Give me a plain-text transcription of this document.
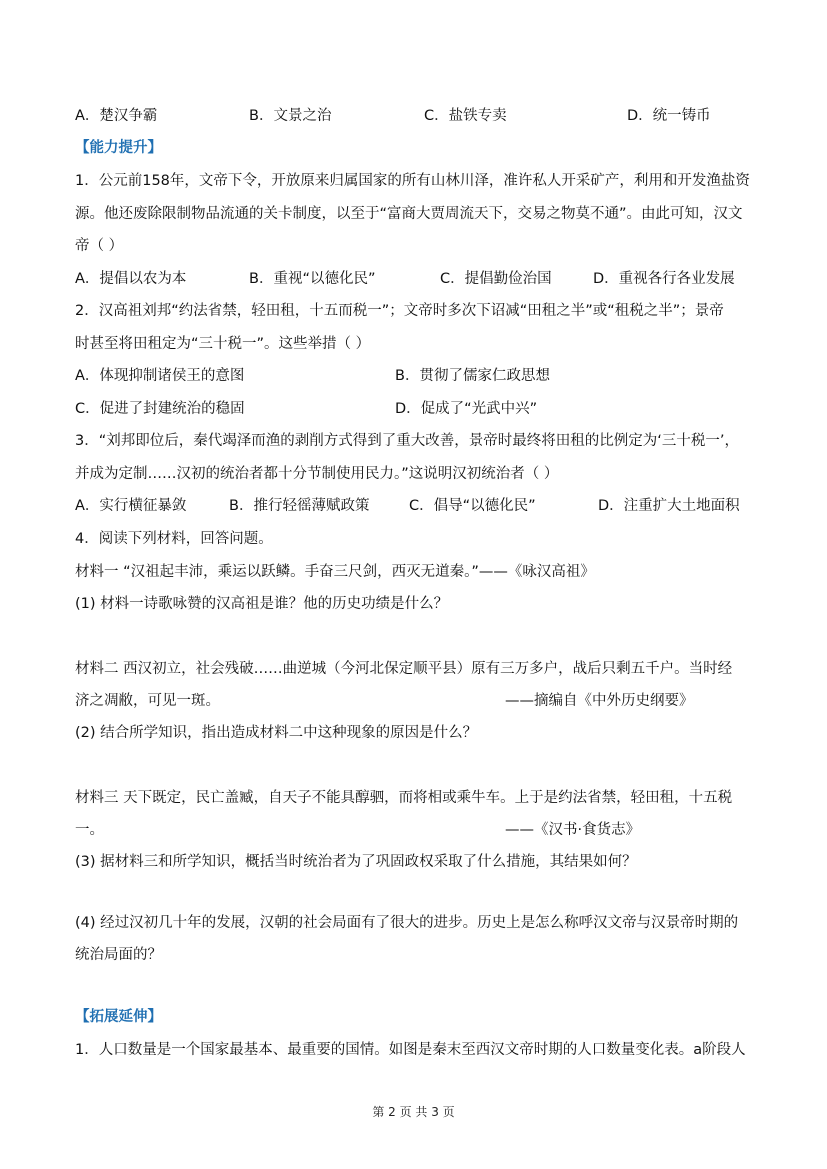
A．楚汉争霸	B．文景之治	C．盐铁专卖	D．统一铸币
【能力提升】
1．公元前158年，文帝下令，开放原来归属国家的所有山林川泽，准许私人开采矿产，利用和开发渔盐资
源。他还废除限制物品流通的关卡制度，以至于“富商大贾周流天下，交易之物莫不通”。由此可知，汉文
帝（ ）
A．提倡以农为本	B．重视“以德化民”	C．提倡勤俭治国	D．重视各行各业发展
2．汉高祖刘邦“约法省禁，轻田租，十五而税一”；文帝时多次下诏减“田租之半”或“租税之半”；景帝
时甚至将田租定为“三十税一”。这些举措（ ）
A．体现抑制诸侯王的意图	B．贯彻了儒家仁政思想
C．促进了封建统治的稳固	D．促成了“光武中兴”
3．“刘邦即位后，秦代竭泽而渔的剥削方式得到了重大改善，景帝时最终将田租的比例定为‘三十税一’，
并成为定制……汉初的统治者都十分节制使用民力。”这说明汉初统治者（ ）
A．实行横征暴敛	B．推行轻徭薄赋政策	C．倡导“以德化民”	D．注重扩大土地面积
4．阅读下列材料，回答问题。
材料一 “汉祖起丰沛，乘运以跃鳞。手奋三尺剑，西灭无道秦。”——《咏汉高祖》
(1) 材料一诗歌咏赞的汉高祖是谁？他的历史功绩是什么？
材料二 西汉初立，社会残破……曲逆城（今河北保定顺平县）原有三万多户，战后只剩五千户。当时经
济之凋敝，可见一斑。	——摘编自《中外历史纲要》
(2) 结合所学知识，指出造成材料二中这种现象的原因是什么？
材料三 天下既定，民亡盖臧，自天子不能具醇驷，而将相或乘牛车。上于是约法省禁，轻田租，十五税
一。	——《汉书·食货志》
(3) 据材料三和所学知识，概括当时统治者为了巩固政权采取了什么措施，其结果如何？
(4) 经过汉初几十年的发展，汉朝的社会局面有了很大的进步。历史上是怎么称呼汉文帝与汉景帝时期的
统治局面的？
【拓展延伸】
1．人口数量是一个国家最基本、最重要的国情。如图是秦末至西汉文帝时期的人口数量变化表。a阶段人
第 2 页 共 3 页
